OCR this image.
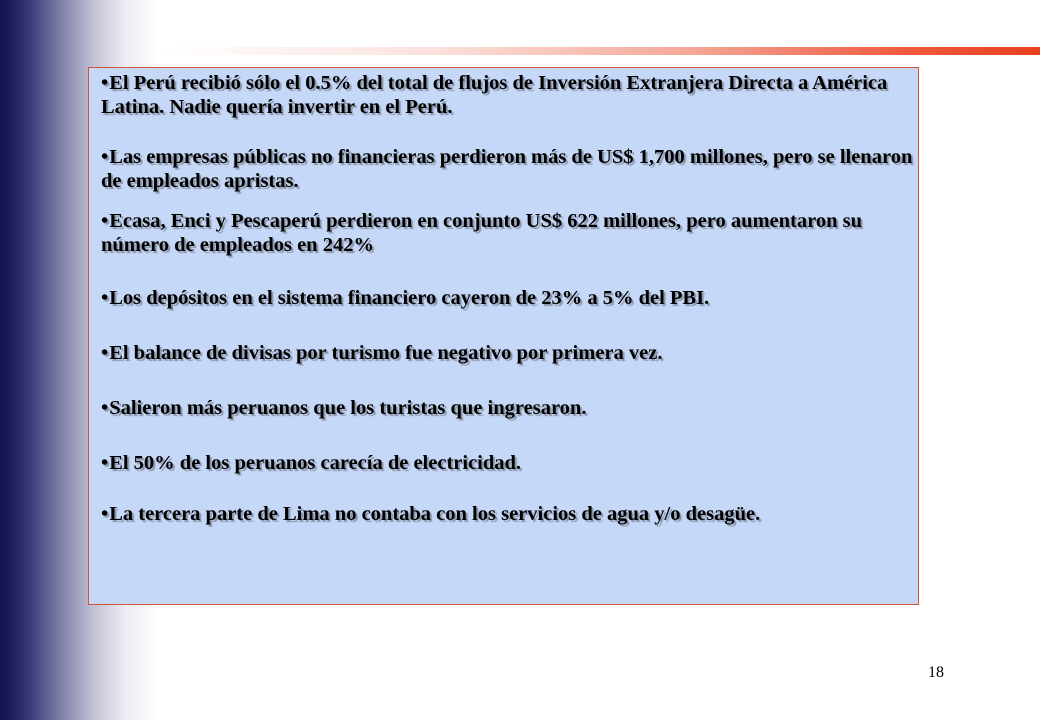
•El Perú recibió sólo el 0.5% del total de flujos de Inversión Extranjera Directa a América Latina. Nadie quería invertir en el Perú.
•Las empresas públicas no financieras perdieron más de US$ 1,700 millones, pero se llenaron de empleados apristas.
•Ecasa, Enci y Pescaperú perdieron en conjunto US$ 622 millones, pero aumentaron su número de empleados en 242%
•Los depósitos en el sistema financiero cayeron de 23% a 5% del PBI.
•El balance de divisas por turismo fue negativo por primera vez.
•Salieron más peruanos que los turistas que ingresaron.
•El 50% de los peruanos carecía de electricidad.
•La tercera parte de Lima no contaba con los servicios de agua y/o desagüe.
18
